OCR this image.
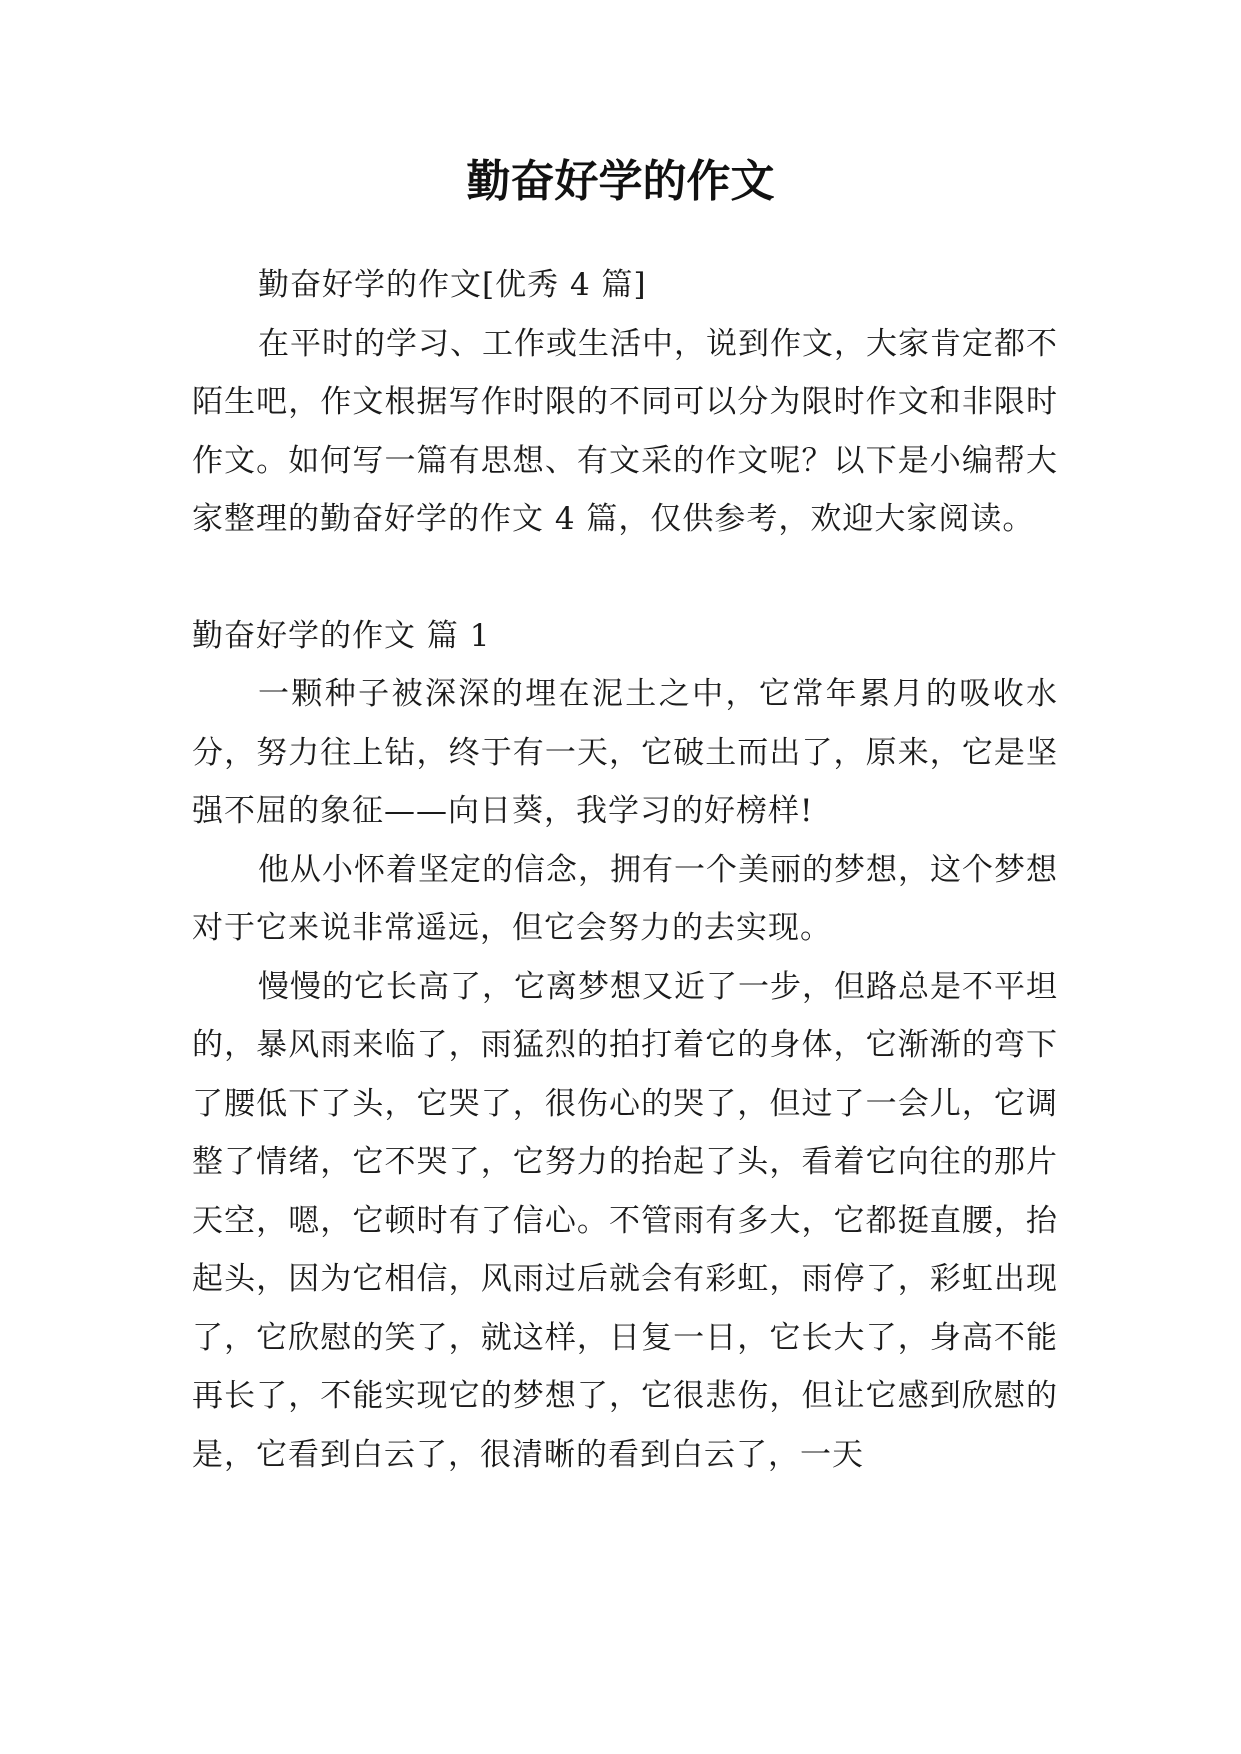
勤奋好学的作文

勤奋好学的作文[优秀 4 篇]

在平时的学习、工作或生活中，说到作文，大家肯定都不陌生吧，作文根据写作时限的不同可以分为限时作文和非限时作文。如何写一篇有思想、有文采的作文呢？以下是小编帮大家整理的勤奋好学的作文 4 篇，仅供参考，欢迎大家阅读。

勤奋好学的作文 篇 1

一颗种子被深深的埋在泥土之中，它常年累月的吸收水分，努力往上钻，终于有一天，它破土而出了，原来，它是坚强不屈的象征——向日葵，我学习的好榜样!

他从小怀着坚定的信念，拥有一个美丽的梦想，这个梦想对于它来说非常遥远，但它会努力的去实现。

慢慢的它长高了，它离梦想又近了一步，但路总是不平坦的，暴风雨来临了，雨猛烈的拍打着它的身体，它渐渐的弯下了腰低下了头，它哭了，很伤心的哭了，但过了一会儿，它调整了情绪，它不哭了，它努力的抬起了头，看着它向往的那片天空，嗯，它顿时有了信心。不管雨有多大，它都挺直腰，抬起头，因为它相信，风雨过后就会有彩虹，雨停了，彩虹出现了，它欣慰的笑了，就这样，日复一日，它长大了，身高不能再长了，不能实现它的梦想了，它很悲伤，但让它感到欣慰的是，它看到白云了，很清晰的看到白云了，一天
